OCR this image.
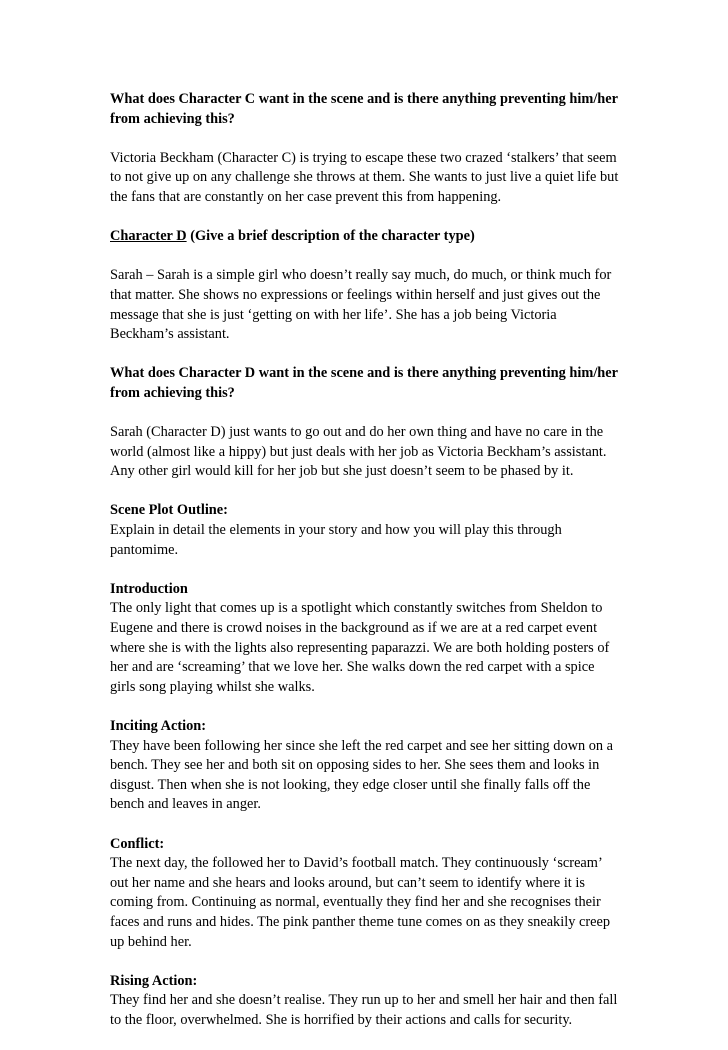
What does Character C want in the scene and is there anything preventing him/her from achieving this?

Victoria Beckham (Character C) is trying to escape these two crazed ‘stalkers’ that seem to not give up on any challenge she throws at them. She wants to just live a quiet life but the fans that are constantly on her case prevent this from happening.

Character D (Give a brief description of the character type)

Sarah – Sarah is a simple girl who doesn’t really say much, do much, or think much for that matter. She shows no expressions or feelings within herself and just gives out the message that she is just ‘getting on with her life’. She has a job being Victoria Beckham’s assistant.

What does Character D want in the scene and is there anything preventing him/her from achieving this?

Sarah (Character D) just wants to go out and do her own thing and have no care in the world (almost like a hippy) but just deals with her job as Victoria Beckham’s assistant. Any other girl would kill for her job but she just doesn’t seem to be phased by it.

Scene Plot Outline:
Explain in detail the elements in your story and how you will play this through pantomime.

Introduction
The only light that comes up is a spotlight which constantly switches from Sheldon to Eugene and there is crowd noises in the background as if we are at a red carpet event where she is with the lights also representing paparazzi. We are both holding posters of her and are ‘screaming’ that we love her. She walks down the red carpet with a spice girls song playing whilst she walks.

Inciting Action:
They have been following her since she left the red carpet and see her sitting down on a bench. They see her and both sit on opposing sides to her. She sees them and looks in disgust. Then when she is not looking, they edge closer until she finally falls off the bench and leaves in anger.

Conflict:
The next day, the followed her to David’s football match. They continuously ‘scream’ out her name and she hears and looks around, but can’t seem to identify where it is coming from. Continuing as normal, eventually they find her and she recognises their faces and runs and hides. The pink panther theme tune comes on as they sneakily creep up behind her.

Rising Action:
They find her and she doesn’t realise. They run up to her and smell her hair and then fall to the floor, overwhelmed. She is horrified by their actions and calls for security.
